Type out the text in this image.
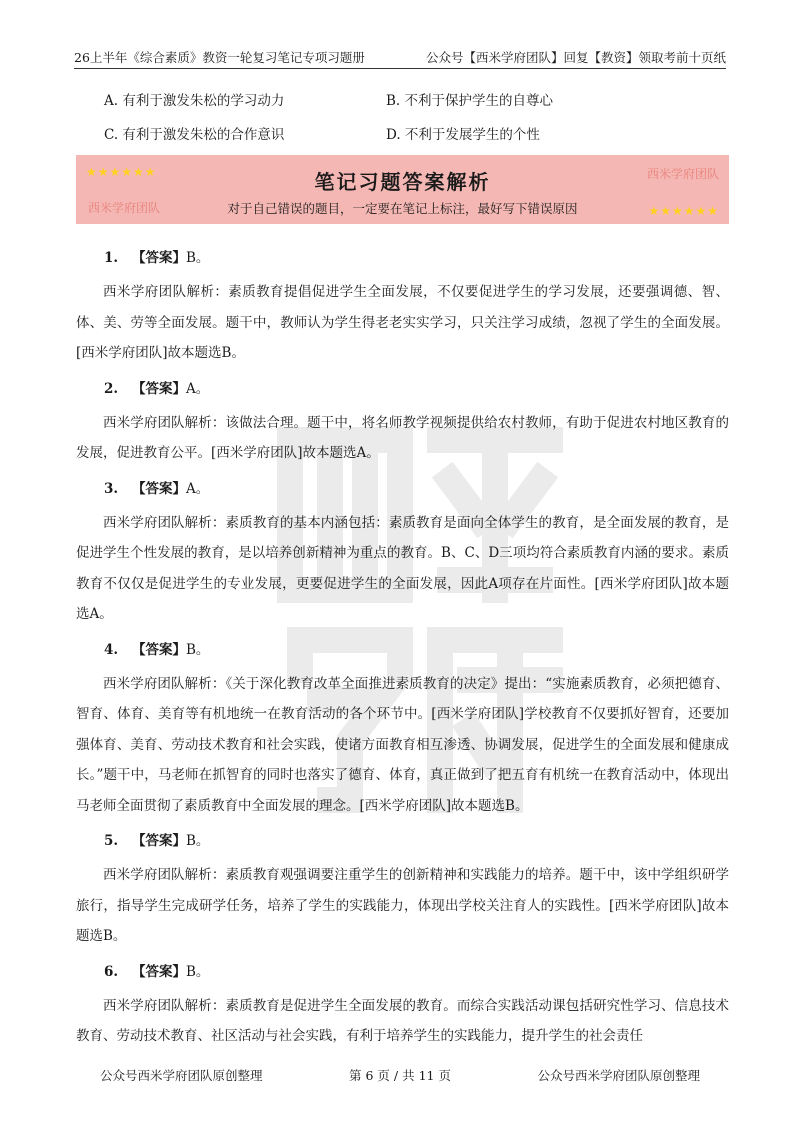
26上半年《综合素质》教资一轮复习笔记专项习题册	公众号【西米学府团队】回复【教资】领取考前十页纸
A. 有利于激发朱松的学习动力	B. 不利于保护学生的自尊心
C. 有利于激发朱松的合作意识	D. 不利于发展学生的个性
★★★★★★	西米学府团队
笔记习题答案解析
西米学府团队	对于自己错误的题目，一定要在笔记上标注，最好写下错误原因	★★★★★★
1. 【答案】B。
西米学府团队解析：素质教育提倡促进学生全面发展，不仅要促进学生的学习发展，还要强调德、智、体、美、劳等全面发展。题干中，教师认为学生得老老实实学习，只关注学习成绩，忽视了学生的全面发展。[西米学府团队]故本题选B。
2. 【答案】A。
西米学府团队解析：该做法合理。题干中，将名师教学视频提供给农村教师，有助于促进农村地区教育的发展，促进教育公平。[西米学府团队]故本题选A。
3. 【答案】A。
西米学府团队解析：素质教育的基本内涵包括：素质教育是面向全体学生的教育，是全面发展的教育，是促进学生个性发展的教育，是以培养创新精神为重点的教育。B、C、D三项均符合素质教育内涵的要求。素质教育不仅仅是促进学生的专业发展，更要促进学生的全面发展，因此A项存在片面性。[西米学府团队]故本题选A。
4. 【答案】B。
西米学府团队解析：《关于深化教育改革全面推进素质教育的决定》提出：“实施素质教育，必须把德育、智育、体育、美育等有机地统一在教育活动的各个环节中。[西米学府团队]学校教育不仅要抓好智育，还要加强体育、美育、劳动技术教育和社会实践，使诸方面教育相互渗透、协调发展，促进学生的全面发展和健康成长。”题干中，马老师在抓智育的同时也落实了德育、体育，真正做到了把五育有机统一在教育活动中，体现出马老师全面贯彻了素质教育中全面发展的理念。[西米学府团队]故本题选B。
5. 【答案】B。
西米学府团队解析：素质教育观强调要注重学生的创新精神和实践能力的培养。题干中，该中学组织研学旅行，指导学生完成研学任务，培养了学生的实践能力，体现出学校关注育人的实践性。[西米学府团队]故本题选B。
6. 【答案】B。
西米学府团队解析：素质教育是促进学生全面发展的教育。而综合实践活动课包括研究性学习、信息技术教育、劳动技术教育、社区活动与社会实践，有利于培养学生的实践能力，提升学生的社会责任
公众号西米学府团队原创整理	第 6 页 / 共 11 页	公众号西米学府团队原创整理
